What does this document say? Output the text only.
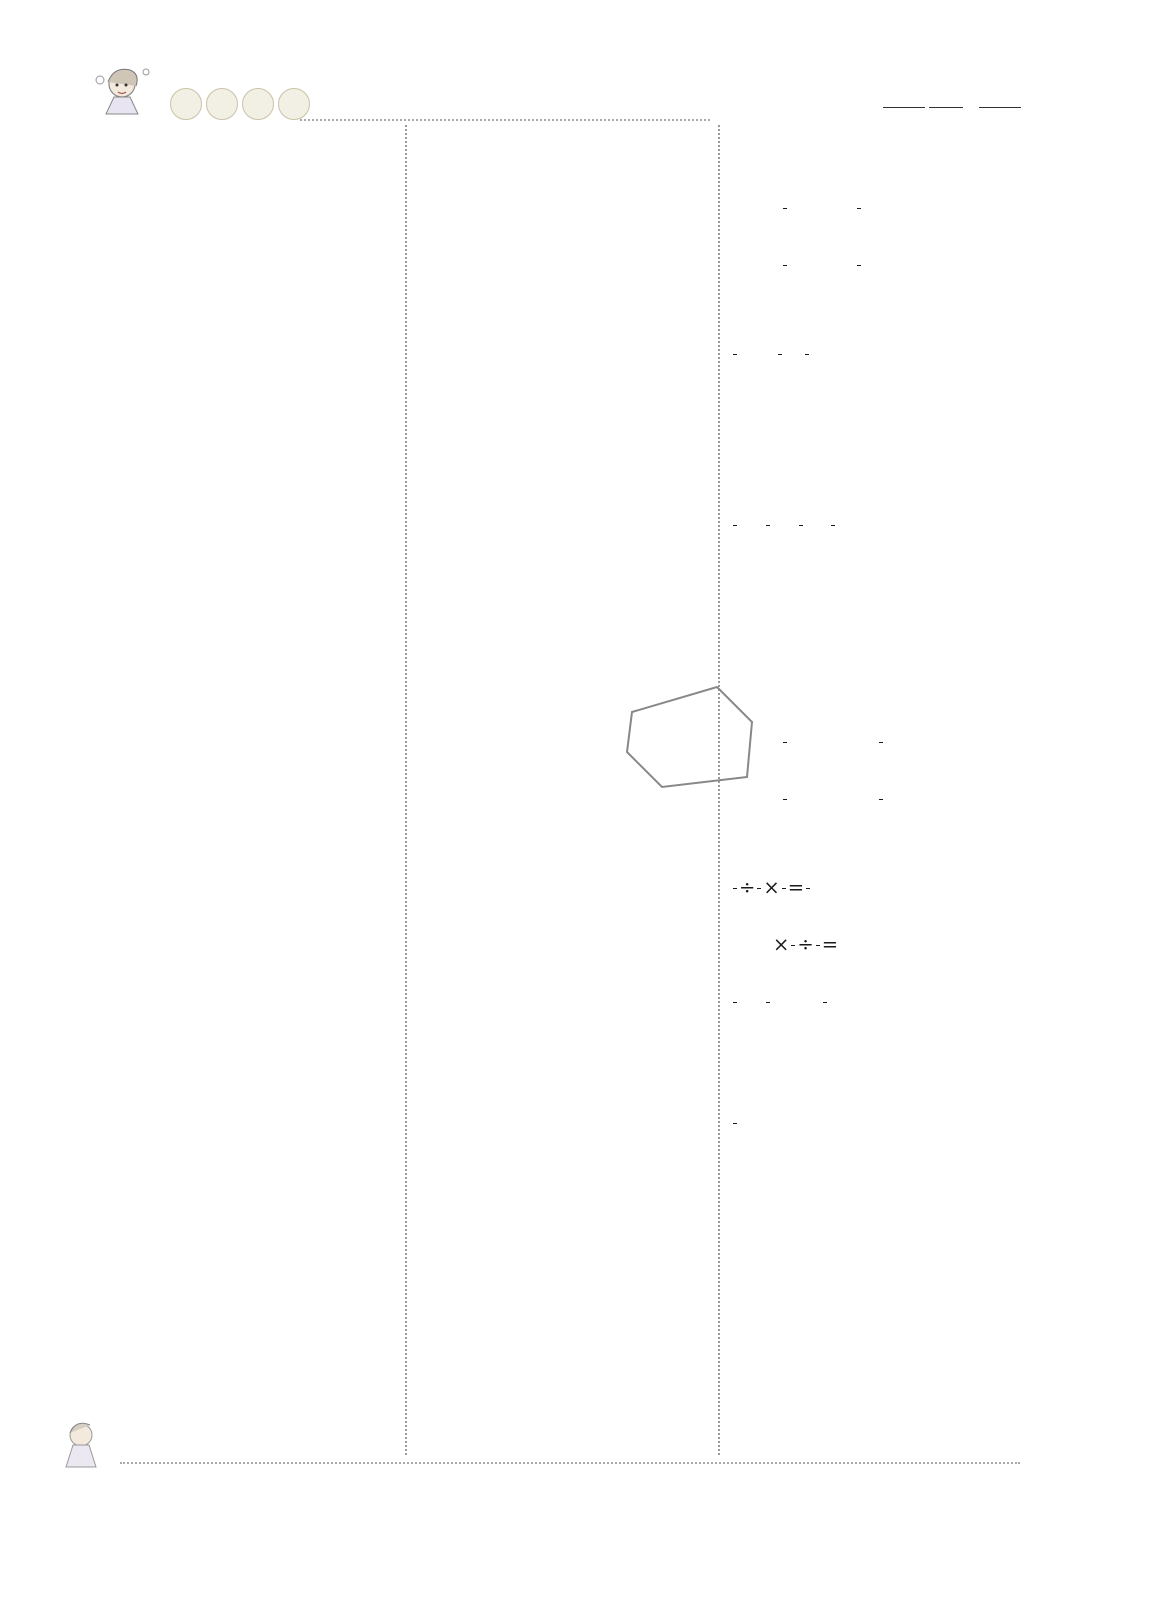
÷ × =
× ÷ =
